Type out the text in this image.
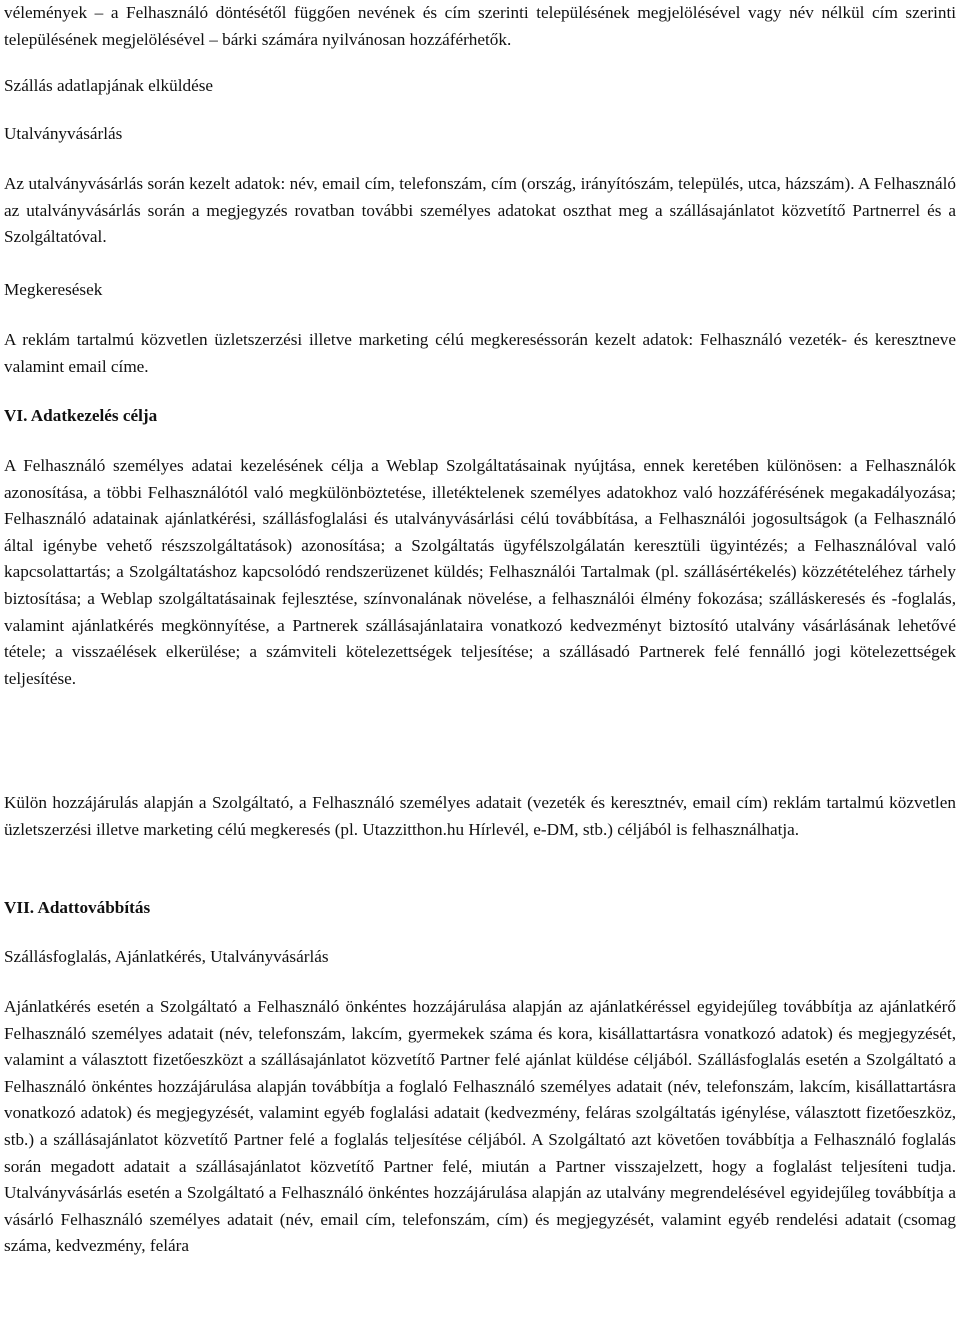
vélemények – a Felhasználó döntésétől függően nevének és cím szerinti településének megjelölésével vagy név nélkül cím szerinti településének megjelölésével – bárki számára nyilvánosan hozzáférhetők.

Szállás adatlapjának elküldése

Utalványvásárlás

Az utalványvásárlás során kezelt adatok: név, email cím, telefonszám, cím (ország, irányítószám, település, utca, házszám). A Felhasználó az utalványvásárlás során a megjegyzés rovatban további személyes adatokat oszthat meg a szállásajánlatot közvetítő Partnerrel és a Szolgáltatóval.

Megkeresések

A reklám tartalmú közvetlen üzletszerzési illetve marketing célú megkereséssorán kezelt adatok: Felhasználó vezeték- és keresztneve valamint email címe.

VI. Adatkezelés célja

A Felhasználó személyes adatai kezelésének célja a Weblap Szolgáltatásainak nyújtása, ennek keretében különösen: a Felhasználók azonosítása, a többi Felhasználótól való megkülönböztetése, illetéktelenek személyes adatokhoz való hozzáférésének megakadályozása; Felhasználó adatainak ajánlatkérési, szállásfoglalási és utalványvásárlási célú továbbítása, a Felhasználói jogosultságok (a Felhasználó által igénybe vehető részszolgáltatások) azonosítása; a Szolgáltatás ügyfélszolgálatán keresztüli ügyintézés; a Felhasználóval való kapcsolattartás; a Szolgáltatáshoz kapcsolódó rendszerüzenet küldés; Felhasználói Tartalmak (pl. szállásértékelés) közzétételéhez tárhely biztosítása; a Weblap szolgáltatásainak fejlesztése, színvonalának növelése, a felhasználói élmény fokozása; szálláskeresés és -foglalás, valamint ajánlatkérés megkönnyítése, a Partnerek szállásajánlataira vonatkozó kedvezményt biztosító utalvány vásárlásának lehetővé tétele; a visszaélések elkerülése; a számviteli kötelezettségek teljesítése; a szállásadó Partnerek felé fennálló jogi kötelezettségek teljesítése.

Külön hozzájárulás alapján a Szolgáltató, a Felhasználó személyes adatait (vezeték és keresztnév, email cím) reklám tartalmú közvetlen üzletszerzési illetve marketing célú megkeresés (pl. Utazzitthon.hu Hírlevél, e-DM, stb.) céljából is felhasználhatja.

VII. Adattovábbítás

Szállásfoglalás, Ajánlatkérés, Utalványvásárlás

Ajánlatkérés esetén a Szolgáltató a Felhasználó önkéntes hozzájárulása alapján az ajánlatkéréssel egyidejűleg továbbítja az ajánlatkérő Felhasználó személyes adatait (név, telefonszám, lakcím, gyermekek száma és kora, kisállattartásra vonatkozó adatok) és megjegyzését, valamint a választott fizetőeszközt a szállásajánlatot közvetítő Partner felé ajánlat küldése céljából. Szállásfoglalás esetén a Szolgáltató a Felhasználó önkéntes hozzájárulása alapján továbbítja a foglaló Felhasználó személyes adatait (név, telefonszám, lakcím, kisállattartásra vonatkozó adatok) és megjegyzését, valamint egyéb foglalási adatait (kedvezmény, feláras szolgáltatás igénylése, választott fizetőeszköz, stb.) a szállásajánlatot közvetítő Partner felé a foglalás teljesítése céljából. A Szolgáltató azt követően továbbítja a Felhasználó foglalás során megadott adatait a szállásajánlatot közvetítő Partner felé, miután a Partner visszajelzett, hogy a foglalást teljesíteni tudja. Utalványvásárlás esetén a Szolgáltató a Felhasználó önkéntes hozzájárulása alapján az utalvány megrendelésével egyidejűleg továbbítja a vásárló Felhasználó személyes adatait (név, email cím, telefonszám, cím) és megjegyzését, valamint egyéb rendelési adatait (csomag száma, kedvezmény, felára
